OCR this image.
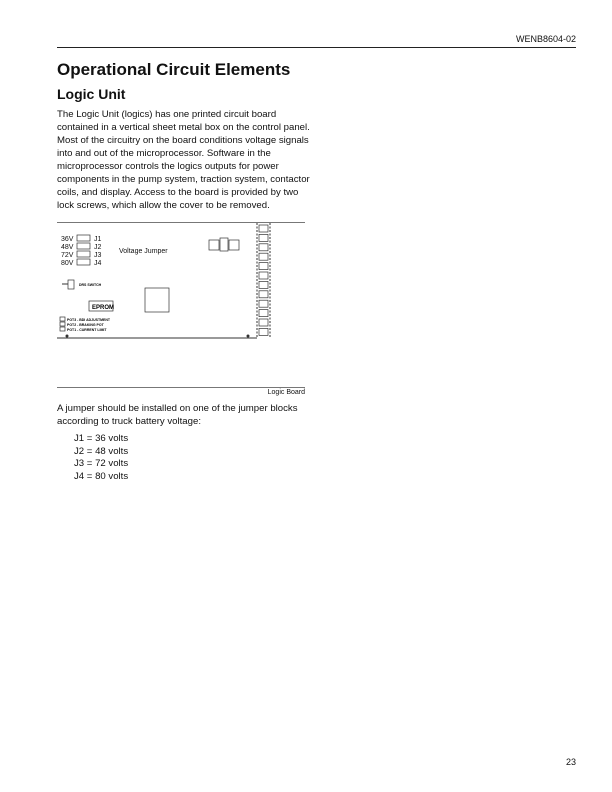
WENB8604-02
Operational Circuit Elements
Logic Unit

The Logic Unit (logics) has one printed circuit board contained in a vertical sheet metal box on the control panel. Most of the circuitry on the board conditions voltage signals into and out of the microprocessor. Software in the microprocessor controls the logics outputs for power components in the pump system, traction system, contactor coils, and display. Access to the board is provided by two lock screws, which allow the cover to be removed.

36V
48V
72V
80V
J1
J2
J3
J4
Voltage Jumper
DRS SWITCH
EPROM
POT3 - BDI ADJUSTMENT
POT2 - BRAKING POT
POT1 - CURRENT LIMIT
Logic Board

A jumper should be installed on one of the jumper blocks according to truck battery voltage:

J1 = 36 volts
J2 = 48 volts
J3 = 72 volts
J4 = 80 volts
23
